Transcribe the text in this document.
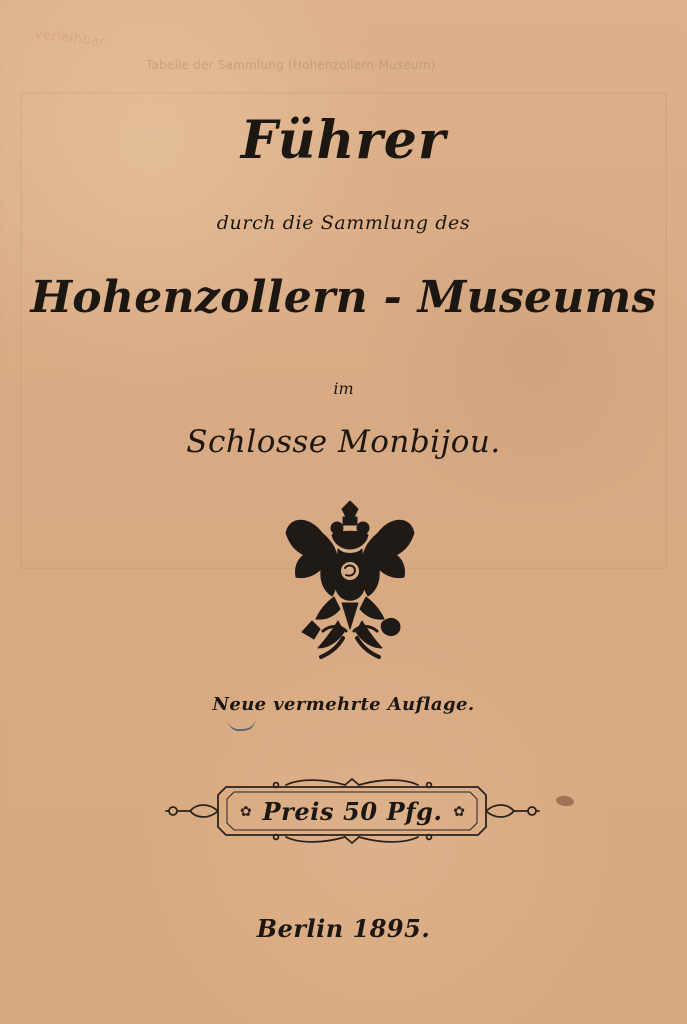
verleihbar
Tabelle der Sammlung (Hohenzollern-Museum)
Führer
durch die Sammlung des
Hohenzollern - Museums
im
Schlosse Monbijou.
Neue vermehrte Auflage.
✿ Preis 50 Pfg. ✿
Berlin 1895.
